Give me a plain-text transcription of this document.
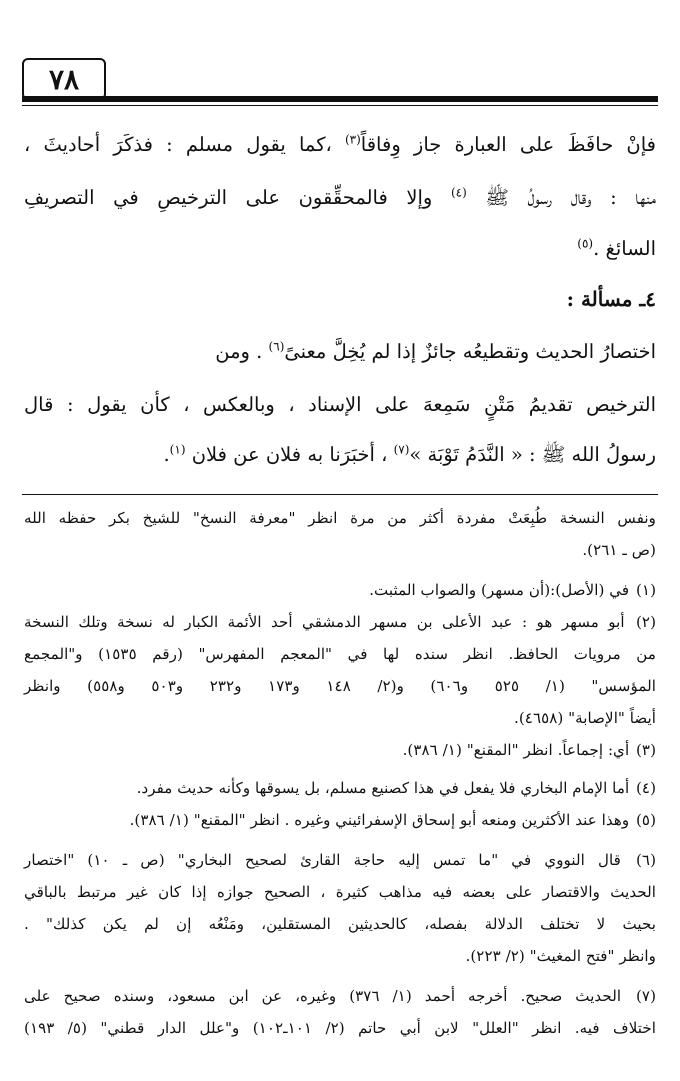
٧٨

فإنْ حافَظَ على العبارة جاز وِفاقاً$^{(٣)}$ ،كما يقول مسلم : فذكَرَ أحاديثَ ،

منها : وقال رسولُ ﷺ $^{(٤)}$ وإلا فالمحقِّقون على الترخيصِ في التصريفِ

السائغ .$^{(٥)}$

٤ـ مسألة :

اختصارُ الحديث وتقطيعُه جائزٌ إذا لم يُخِلَّ معنىً$^{(٦)}$ . ومن

الترخيص تقديمُ مَتْنٍ سَمِعهَ على الإسناد ، وبالعكس ، كأن يقول : قال

رسولُ الله ﷺ : « النَّدَمُ تَوْبَة »$^{(٧)}$ ، أخبَرَنا به فلان عن فلان $^{(١)}$.

ونفس النسخة طُبِعَتْ مفردة أكثر من مرة انظر "معرفة النسخ" للشيخ بكر حفظه الله

(ص ـ ٢٦١).

(١) في (الأصل):(أن مسهر) والصواب المثبت.

(٢) أبو مسهر هو : عبد الأعلى بن مسهر الدمشقي أحد الأئمة الكبار له نسخة وتلك النسخة

من مرويات الحافظ. انظر سنده لها في "المعجم المفهرس" (رقم ١٥٣٥) و"المجمع

المؤسس" (١/ ٥٢٥ و٦٠٦) و(٢/ ١٤٨ و١٧٣ و٢٣٢ و٥٠٣ و٥٥٨) وانظر

أيضاً "الإصابة" (٤٦٥٨).

(٣) أي: إجماعاً. انظر "المقنع" (١/ ٣٨٦).

(٤) أما الإمام البخاري فلا يفعل في هذا كصنيع مسلم، بل يسوقها وكأنه حديث مفرد.

(٥) وهذا عند الأكثرين ومنعه أبو إسحاق الإسفرائيني وغيره . انظر "المقنع" (١/ ٣٨٦).

(٦) قال النووي في "ما تمس إليه حاجة القارئ لصحيح البخاري" (ص ـ ١٠) "اختصار

الحديث والاقتصار على بعضه فيه مذاهب كثيرة ، الصحيح جوازه إذا كان غير مرتبط بالباقي

بحيث لا تختلف الدلالة بفصله، كالحديثين المستقلين، ومَنْعُه إن لم يكن كذلك" .

وانظر "فتح المغيث" (٢/ ٢٢٣).

(٧) الحديث صحيح. أخرجه أحمد (١/ ٣٧٦) وغيره، عن ابن مسعود، وسنده صحيح على

اختلاف فيه. انظر "العلل" لابن أبي حاتم (٢/ ١٠١ـ١٠٢) و"علل الدار قطني" (٥/ ١٩٣)
